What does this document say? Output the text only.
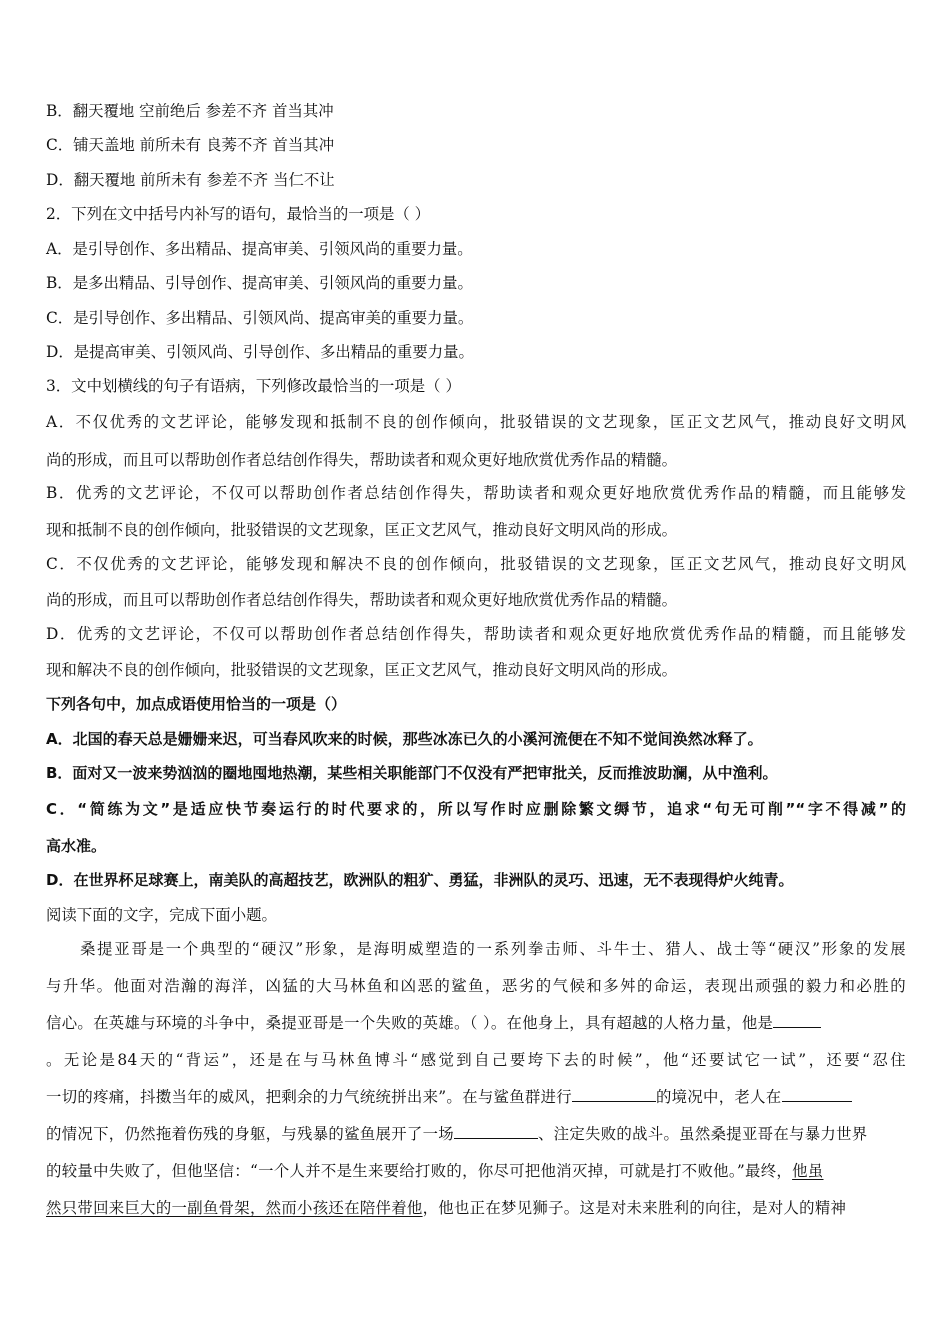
B．翻天覆地 空前绝后 参差不齐 首当其冲
C．铺天盖地 前所未有 良莠不齐 首当其冲
D．翻天覆地 前所未有 参差不齐 当仁不让
2．下列在文中括号内补写的语句，最恰当的一项是（ ）
A．是引导创作、多出精品、提高审美、引领风尚的重要力量。
B．是多出精品、引导创作、提高审美、引领风尚的重要力量。
C．是引导创作、多出精品、引领风尚、提高审美的重要力量。
D．是提高审美、引领风尚、引导创作、多出精品的重要力量。
3．文中划横线的句子有语病，下列修改最恰当的一项是（ ）
A．不仅优秀的文艺评论，能够发现和抵制不良的创作倾向，批驳错误的文艺现象，匡正文艺风气，推动良好文明风
尚的形成，而且可以帮助创作者总结创作得失，帮助读者和观众更好地欣赏优秀作品的精髓。
B．优秀的文艺评论，不仅可以帮助创作者总结创作得失，帮助读者和观众更好地欣赏优秀作品的精髓，而且能够发
现和抵制不良的创作倾向，批驳错误的文艺现象，匡正文艺风气，推动良好文明风尚的形成。
C．不仅优秀的文艺评论，能够发现和解决不良的创作倾向，批驳错误的文艺现象，匡正文艺风气，推动良好文明风
尚的形成，而且可以帮助创作者总结创作得失，帮助读者和观众更好地欣赏优秀作品的精髓。
D．优秀的文艺评论，不仅可以帮助创作者总结创作得失，帮助读者和观众更好地欣赏优秀作品的精髓，而且能够发
现和解决不良的创作倾向，批驳错误的文艺现象，匡正文艺风气，推动良好文明风尚的形成。
下列各句中，加点成语使用恰当的一项是（）
A．北国的春天总是姗姗来迟，可当春风吹来的时候，那些冰冻已久的小溪河流便在不知不觉间涣然冰释了。
B．面对又一波来势汹汹的圈地囤地热潮，某些相关职能部门不仅没有严把审批关，反而推波助澜，从中渔利。
C．“简练为文”是适应快节奏运行的时代要求的，所以写作时应删除繁文缛节，追求“句无可削”“字不得减”的
高水准。
D．在世界杯足球赛上，南美队的高超技艺，欧洲队的粗犷、勇猛，非洲队的灵巧、迅速，无不表现得炉火纯青。
阅读下面的文字，完成下面小题。
桑提亚哥是一个典型的“硬汉”形象，是海明威塑造的一系列拳击师、斗牛士、猎人、战士等“硬汉”形象的发展
与升华。他面对浩瀚的海洋，凶猛的大马林鱼和凶恶的鲨鱼，恶劣的气候和多舛的命运，表现出顽强的毅力和必胜的
信心。在英雄与环境的斗争中，桑提亚哥是一个失败的英雄。（ ）。在他身上，具有超越的人格力量，他是
。无论是84天的“背运”，还是在与马林鱼博斗“感觉到自己要垮下去的时候”，他“还要试它一试”，还要“忍住
一切的疼痛，抖擞当年的威风，把剩余的力气统统拼出来”。在与鲨鱼群进行	的境况中，老人在
的情况下，仍然拖着伤残的身躯，与残暴的鲨鱼展开了一场	、注定失败的战斗。虽然桑提亚哥在与暴力世界
的较量中失败了，但他坚信：“一个人并不是生来要给打败的，你尽可把他消灭掉，可就是打不败他。”最终，他虽
然只带回来巨大的一副鱼骨架，然而小孩还在陪伴着他，他也正在梦见狮子。这是对未来胜利的向往，是对人的精神
